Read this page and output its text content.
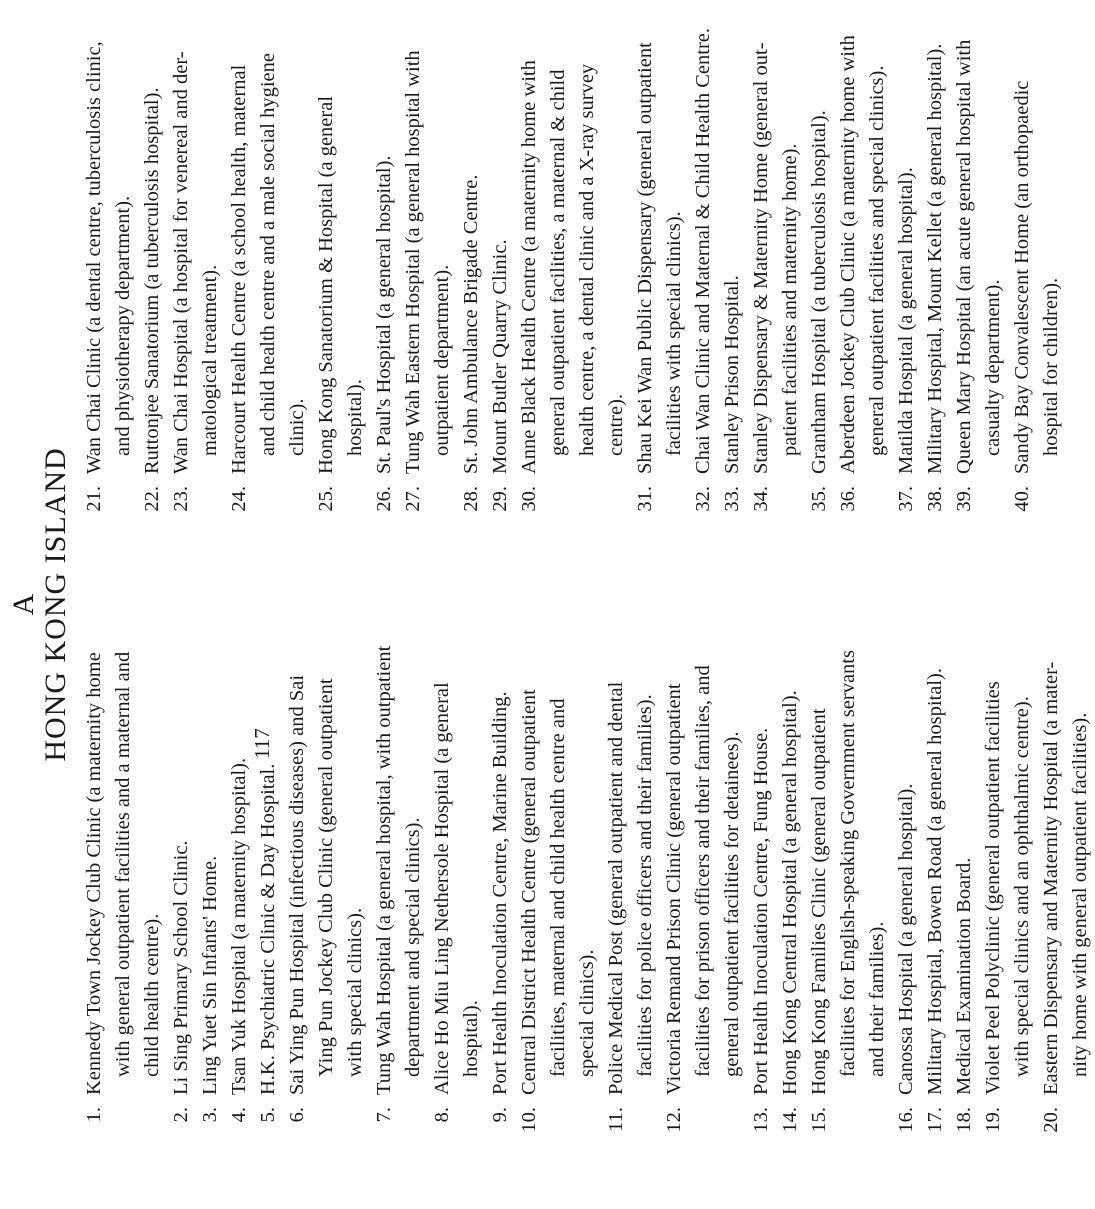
A HONG KONG ISLAND	117
1.
Kennedy Town Jockey Club Clinic (a maternity home with general outpatient facilities and a maternal and child health centre).
2.
Li Sing Primary School Clinic.
3.
Ling Yuet Sin Infants' Home.
4.
Tsan Yuk Hospital (a maternity hospital).
5.
H.K. Psychiatric Clinic & Day Hospital.
6.
Sai Ying Pun Hospital (infectious diseases) and Sai Ying Pun Jockey Club Clinic (general outpatient with special clinics).
7.
Tung Wah Hospital (a general hospital, with outpatient department and special clinics).
8.
Alice Ho Miu Ling Nethersole Hospital (a general hospital).
9.
Port Health Inoculation Centre, Marine Building.
10.
Central District Health Centre (general outpatient facilities, maternal and child health centre and special clinics).
11.
Police Medical Post (general outpatient and dental facilities for police officers and their families).
12.
Victoria Remand Prison Clinic (general outpatient facilities for prison officers and their families, and general outpatient facilities for detainees).
13.
Port Health Inoculation Centre, Fung House.
14.
Hong Kong Central Hospital (a general hospital).
15.
Hong Kong Families Clinic (general outpatient facilities for English-speaking Government servants and their families).
16.
Canossa Hospital (a general hospital).
17.
Military Hospital, Bowen Road (a general hospital).
18.
Medical Examination Board.
19.
Violet Peel Polyclinic (general outpatient facilities with special clinics and an ophthalmic centre).
20.
Eastern Dispensary and Maternity Hospital (a mater- nity home with general outpatient facilities).
21.
Wan Chai Clinic (a dental centre, tuberculosis clinic, and physiotherapy department).
22.
Ruttonjee Sanatorium (a tuberculosis hospital).
23.
Wan Chai Hospital (a hospital for venereal and der- matological treatment).
24.
Harcourt Health Centre (a school health, maternal and child health centre and a male social hygiene clinic).
25.
Hong Kong Sanatorium & Hospital (a general hospital).
26.
St. Paul's Hospital (a general hospital).
27.
Tung Wah Eastern Hospital (a general hospital with outpatient department).
28.
St. John Ambulance Brigade Centre.
29.
Mount Butler Quarry Clinic.
30.
Anne Black Health Centre (a maternity home with general outpatient facilities, a maternal & child health centre, a dental clinic and a X-ray survey centre).
31.
Shau Kei Wan Public Dispensary (general outpatient facilities with special clinics).
32.
Chai Wan Clinic and Maternal & Child Health Centre.
33.
Stanley Prison Hospital.
34.
Stanley Dispensary & Maternity Home (general out- patient facilities and maternity home).
35.
Grantham Hospital (a tuberculosis hospital).
36.
Aberdeen Jockey Club Clinic (a maternity home with general outpatient facilities and special clinics).
37.
Matilda Hospital (a general hospital).
38.
Military Hospital, Mount Kellet (a general hospital).
39.
Queen Mary Hospital (an acute general hospital with casualty department).
40.
Sandy Bay Convalescent Home (an orthopaedic hospital for children).
